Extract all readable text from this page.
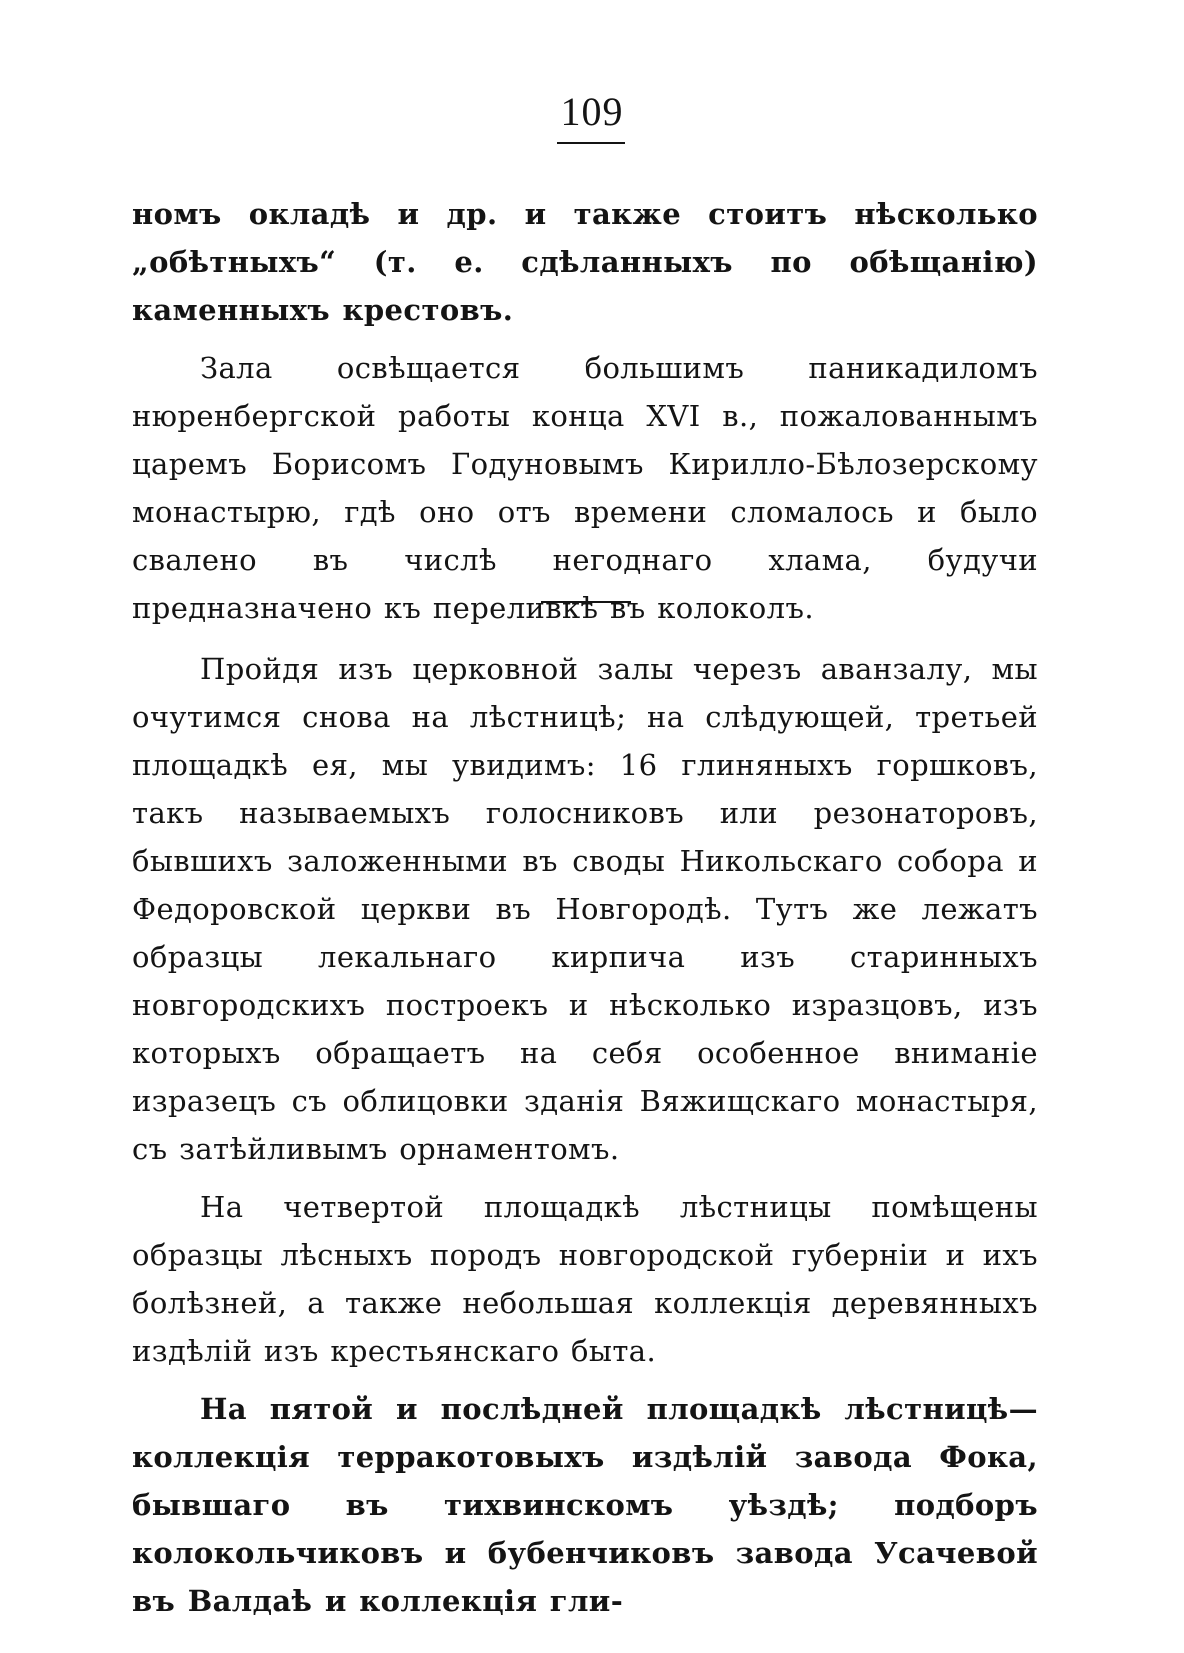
109

номъ окладѣ и др. и также стоитъ нѣсколько „обѣтныхъ“ (т. е. сдѣланныхъ по обѣщанію) каменныхъ крестовъ.

Зала освѣщается большимъ паникадиломъ нюренбергской работы конца XVI в., пожалованнымъ царемъ Борисомъ Годуновымъ Кирилло-Бѣлозерскому монастырю, гдѣ оно отъ времени сломалось и было свалено въ числѣ негоднаго хлама, будучи предназначено къ переливкѣ въ колоколъ.

Пройдя изъ церковной залы черезъ аванзалу, мы очутимся снова на лѣстницѣ; на слѣдующей, третьей площадкѣ ея, мы увидимъ: 16 глиняныхъ горшковъ, такъ называемыхъ голосниковъ или резонаторовъ, бывшихъ заложенными въ своды Никольскаго собора и Федоровской церкви въ Новгородѣ. Тутъ же лежатъ образцы лекальнаго кирпича изъ старинныхъ новгородскихъ построекъ и нѣсколько изразцовъ, изъ которыхъ обращаетъ на себя особенное вниманіе изразецъ съ облицовки зданія Вяжищскаго монастыря, съ затѣйливымъ орнаментомъ.

На четвертой площадкѣ лѣстницы помѣщены образцы лѣсныхъ породъ новгородской губерніи и ихъ болѣзней, а также небольшая коллекція деревянныхъ издѣлій изъ крестьянскаго быта.

На пятой и послѣдней площадкѣ лѣстницѣ—коллекція терракотовыхъ издѣлій завода Фока, бывшаго въ тихвинскомъ уѣздѣ; подборъ колокольчиковъ и бубенчиковъ завода Усачевой въ Валдаѣ и коллекція гли-
